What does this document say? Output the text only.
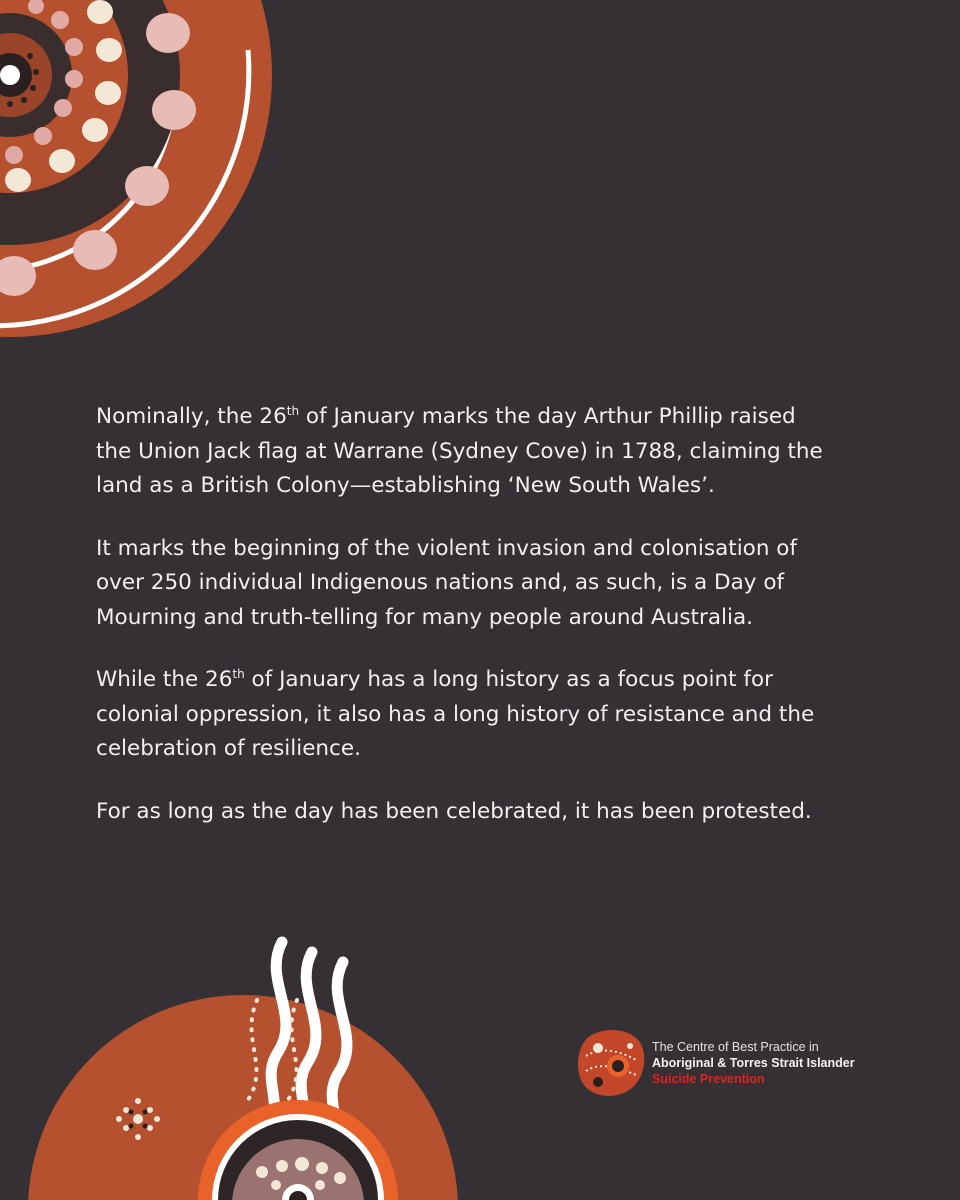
Nominally, the 26th of January marks the day Arthur Phillip raised the Union Jack flag at Warrane (Sydney Cove) in 1788, claiming the land as a British Colony—establishing ‘New South Wales’.

It marks the beginning of the violent invasion and colonisation of over 250 individual Indigenous nations and, as such, is a Day of Mourning and truth-telling for many people around Australia.

While the 26th of January has a long history as a focus point for colonial oppression, it also has a long history of resistance and the celebration of resilience.

For as long as the day has been celebrated, it has been protested.

The Centre of Best Practice in
Aboriginal & Torres Strait Islander
Suicide Prevention
